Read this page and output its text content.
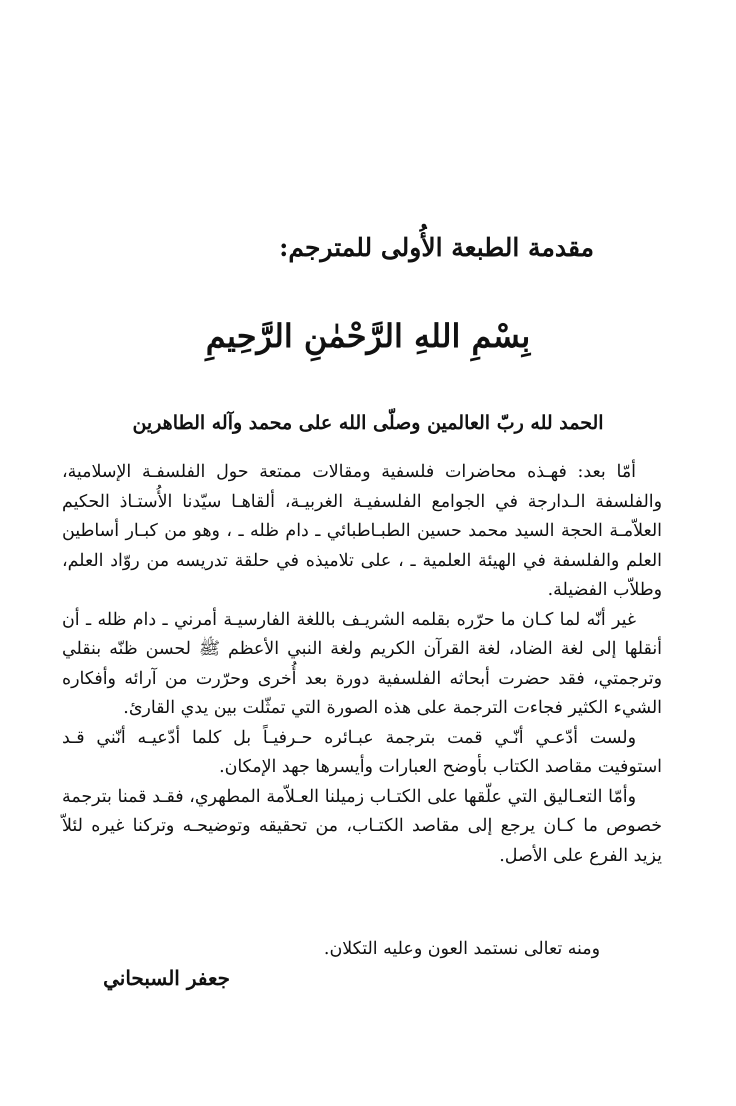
مقدمة الطبعة الأُولى للمترجم:
بِسْمِ اللهِ الرَّحْمٰنِ الرَّحِيمِ
الحمد لله ربّ العالمين وصلّى الله على محمد وآله الطاهرين

أمّا بعد: فهـذه محاضرات فلسفية ومقالات ممتعة حول الفلسفـة الإسلامية، والفلسفة الـدارجة في الجوامع الفلسفيـة الغربيـة، ألقاهـا سيّدنا الأُستـاذ الحكيم العلاّمـة الحجة السيد محمد حسين الطبـاطبائي ـ دام ظله ـ ، وهو من كبـار أساطين العلم والفلسفة في الهيئة العلمية ـ ، على تلاميذه في حلقة تدريسه من روّاد العلم، وطلاّب الفضيلة.

غير أنّه لما كـان ما حرّره بقلمه الشريـف باللغة الفارسيـة أمرني ـ دام ظله ـ أن أنقلها إلى لغة الضاد، لغة القرآن الكريم ولغة النبي الأعظم ﷺ لحسن ظنّه بنقلي وترجمتي، فقد حضرت أبحاثه الفلسفية دورة بعد أُخرى وحرّرت من آرائه وأفكاره الشيء الكثير فجاءت الترجمة على هذه الصورة التي تمثّلت بين يدي القارئ.

ولست أدّعـي أنّـي قمت بترجمة عبـائره حـرفيـاً بل كلما أدّعيـه أنّني قـد استوفيت مقاصد الكتاب بأوضح العبارات وأيسرها جهد الإمكان.

وأمّا التعـاليق التي علّقها على الكتـاب زميلنا العـلاّمة المطهري، فقـد قمنا بترجمة خصوص ما كـان يرجع إلى مقاصد الكتـاب، من تحقيقه وتوضيحـه وتركنا غيره لئلاّ يزيد الفرع على الأصل.

ومنه تعالى نستمد العون وعليه التكلان.
جعفر السبحاني
